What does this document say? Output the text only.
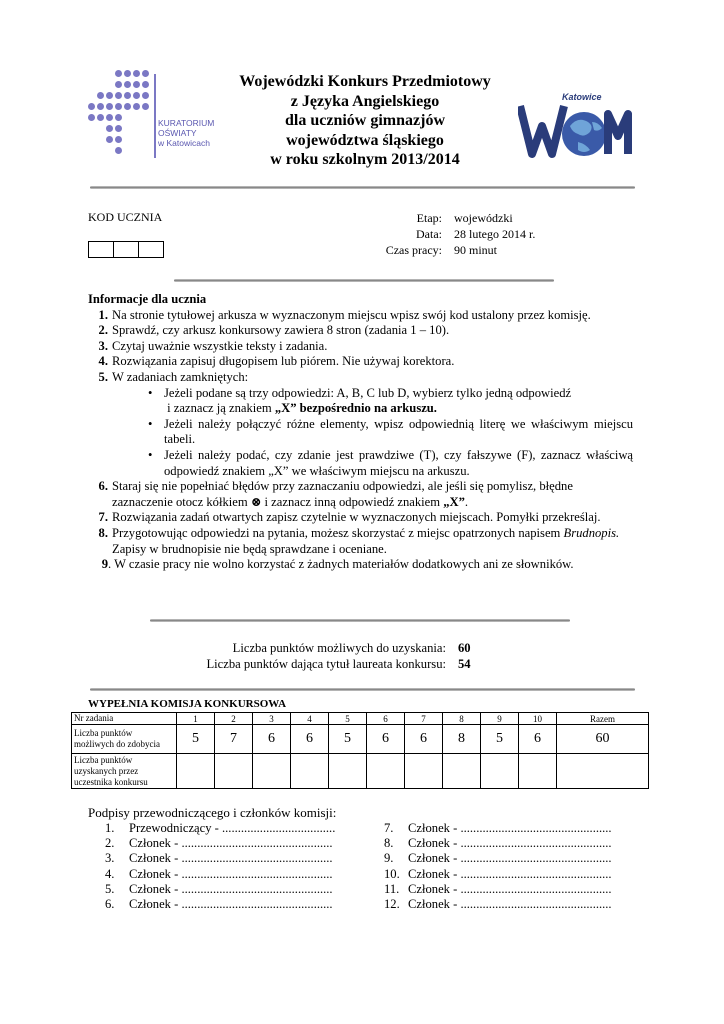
KURATORIUM
OŚWIATY
w Katowicach
Wojewódzki Konkurs Przedmiotowy
z Języka Angielskiego
dla uczniów gimnazjów
województwa śląskiego
w roku szkolnym 2013/2014
Katowice
KOD UCZNIA	Etap: wojewódzki
Data: 28 lutego 2014 r.
Czas pracy: 90 minut
Informacje dla ucznia
1. Na stronie tytułowej arkusza w wyznaczonym miejscu wpisz swój kod ustalony przez komisję.
2. Sprawdź, czy arkusz konkursowy zawiera 8 stron (zadania 1 – 10).
3. Czytaj uważnie wszystkie teksty i zadania.
4. Rozwiązania zapisuj długopisem lub piórem. Nie używaj korektora.
5. W zadaniach zamkniętych:
• Jeżeli podane są trzy odpowiedzi: A, B, C lub D, wybierz tylko jedną odpowiedź
i zaznacz ją znakiem „X” bezpośrednio na arkuszu.
• Jeżeli należy połączyć różne elementy, wpisz odpowiednią literę we właściwym miejscu tabeli.
• Jeżeli należy podać, czy zdanie jest prawdziwe (T), czy fałszywe (F), zaznacz właściwą odpowiedź znakiem „X” we właściwym miejscu na arkuszu.
6. Staraj się nie popełniać błędów przy zaznaczaniu odpowiedzi, ale jeśli się pomylisz, błędne zaznaczenie otocz kółkiem ⊗ i zaznacz inną odpowiedź znakiem „X”.
7. Rozwiązania zadań otwartych zapisz czytelnie w wyznaczonych miejscach. Pomyłki przekreślaj.
8. Przygotowując odpowiedzi na pytania, możesz skorzystać z miejsc opatrzonych napisem Brudnopis. Zapisy w brudnopisie nie będą sprawdzane i oceniane.
9 . W czasie pracy nie wolno korzystać z żadnych materiałów dodatkowych ani ze słowników.
Liczba punktów możliwych do uzyskania: 60
Liczba punktów dająca tytuł laureata konkursu: 54
WYPEŁNIA KOMISJA KONKURSOWA
Nr zadania	1	2	3	4	5	6	7	8	9	10	Razem
Liczba punktów możliwych do zdobycia	5	7	6	6	5	6	6	8	5	6	60
Liczba punktów uzyskanych przez uczestnika konkursu											
Podpisy przewodniczącego i członków komisji:
1.	Przewodniczący - ....................................
2.	Członek - ................................................
3.	Członek - ................................................
4.	Członek - ................................................
5.	Członek - ................................................
6.	Członek - ................................................
7.	Członek - ................................................
8.	Członek - ................................................
9.	Członek - ................................................
10. Członek - ................................................
11. Członek - ................................................
12. Członek - ................................................
